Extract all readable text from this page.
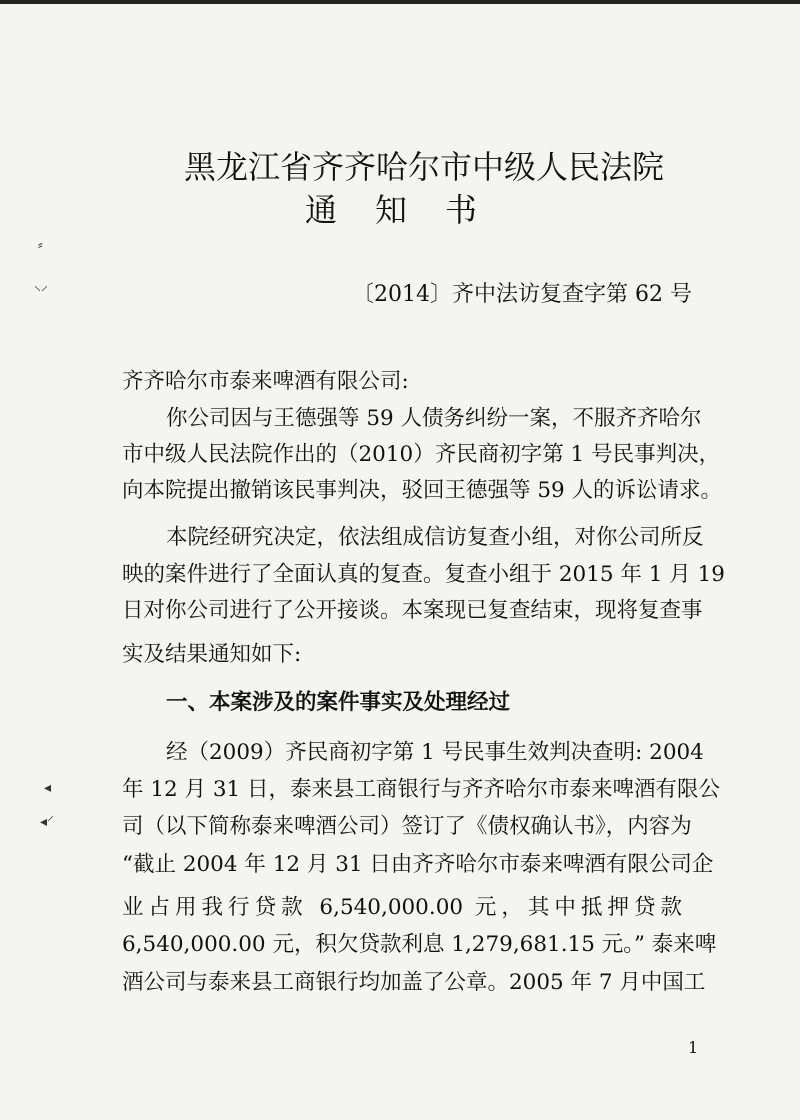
黑龙江省齐齐哈尔市中级人民法院
通知书
〔2014〕齐中法访复查字第 62 号
齐齐哈尔市泰来啤酒有限公司:
你公司因与王德强等 59 人债务纠纷一案，不服齐齐哈尔
市中级人民法院作出的（2010）齐民商初字第 1 号民事判决，
向本院提出撤销该民事判决，驳回王德强等 59 人的诉讼请求。
本院经研究决定，依法组成信访复查小组，对你公司所反
映的案件进行了全面认真的复查。复查小组于 2015 年 1 月 19
日对你公司进行了公开接谈。本案现已复查结束，现将复查事
实及结果通知如下:
一、本案涉及的案件事实及处理经过
经（2009）齐民商初字第 1 号民事生效判决查明: 2004
年 12 月 31 日，泰来县工商银行与齐齐哈尔市泰来啤酒有限公
司（以下简称泰来啤酒公司）签订了《债权确认书》，内容为
“截止 2004 年 12 月 31 日由齐齐哈尔市泰来啤酒有限公司企
业占用我行贷款 6,540,000.00 元，其中抵押贷款
6,540,000.00 元，积欠贷款利息 1,279,681.15 元。” 泰来啤
酒公司与泰来县工商银行均加盖了公章。2005 年 7 月中国工
⸗
⸌⸍
◂
◂⸍
1
